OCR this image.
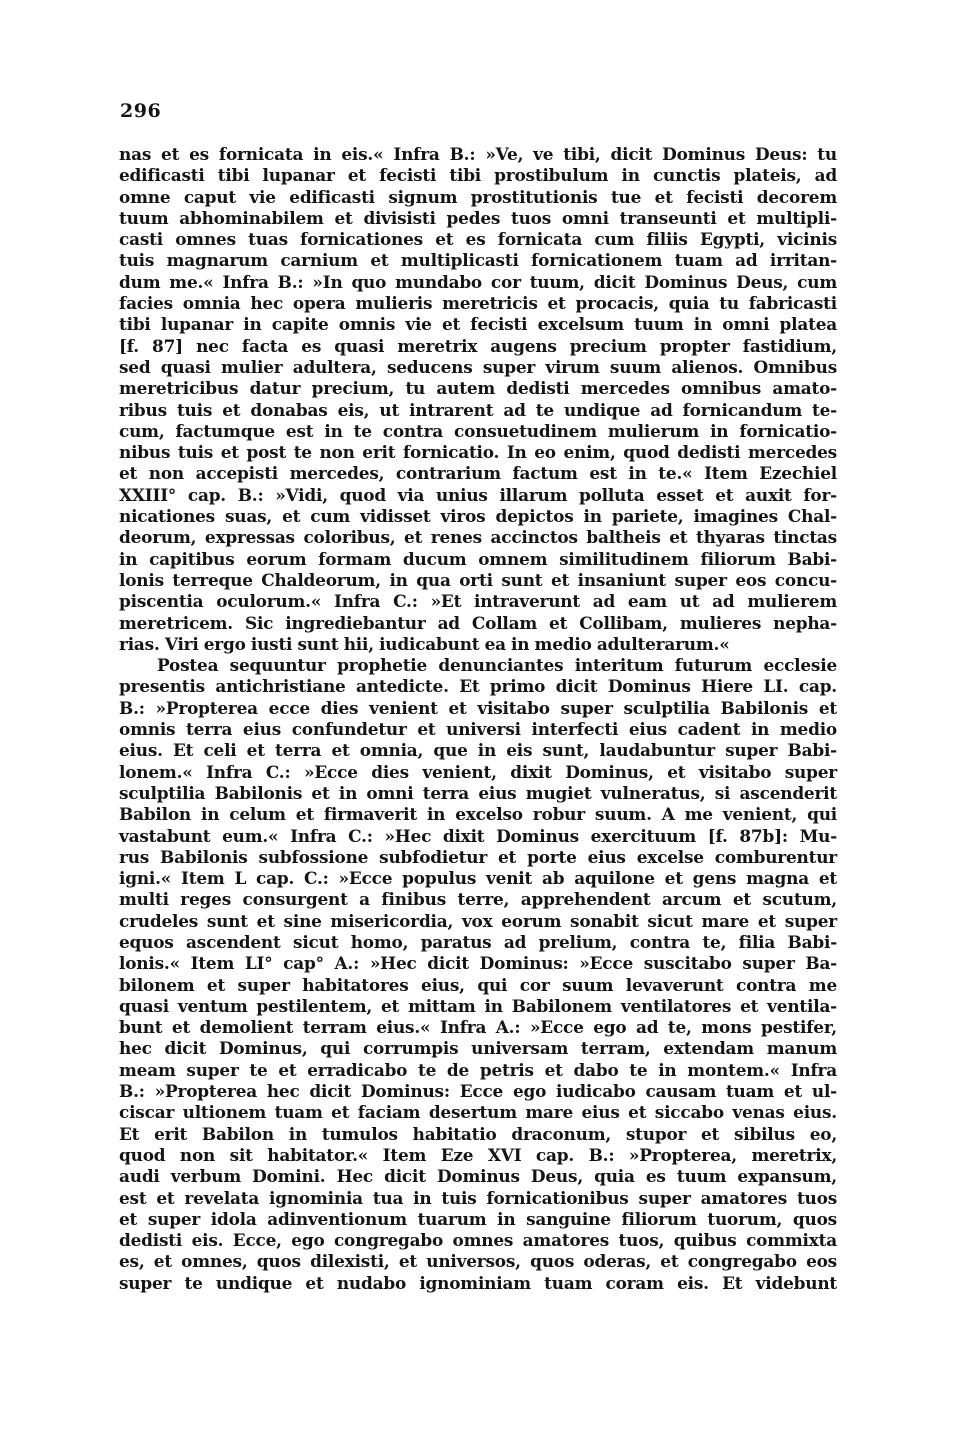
296
nas et es fornicata in eis.« Infra B.: »Ve, ve tibi, dicit Dominus Deus: tu
edificasti tibi lupanar et fecisti tibi prostibulum in cunctis plateis, ad
omne caput vie edificasti signum prostitutionis tue et fecisti decorem
tuum abhominabilem et divisisti pedes tuos omni transeunti et multipli-
casti omnes tuas fornicationes et es fornicata cum filiis Egypti, vicinis
tuis magnarum carnium et multiplicasti fornicationem tuam ad irritan-
dum me.« Infra B.: »In quo mundabo cor tuum, dicit Dominus Deus, cum
facies omnia hec opera mulieris meretricis et procacis, quia tu fabricasti
tibi lupanar in capite omnis vie et fecisti excelsum tuum in omni platea
[f. 87] nec facta es quasi meretrix augens precium propter fastidium,
sed quasi mulier adultera, seducens super virum suum alienos. Omnibus
meretricibus datur precium, tu autem dedisti mercedes omnibus amato-
ribus tuis et donabas eis, ut intrarent ad te undique ad fornicandum te-
cum, factumque est in te contra consuetudinem mulierum in fornicatio-
nibus tuis et post te non erit fornicatio. In eo enim, quod dedisti mercedes
et non accepisti mercedes, contrarium factum est in te.« Item Ezechiel
XXIII° cap. B.: »Vidi, quod via unius illarum polluta esset et auxit for-
nicationes suas, et cum vidisset viros depictos in pariete, imagines Chal-
deorum, expressas coloribus, et renes accinctos baltheis et thyaras tinctas
in capitibus eorum formam ducum omnem similitudinem filiorum Babi-
lonis terreque Chaldeorum, in qua orti sunt et insaniunt super eos concu-
piscentia oculorum.« Infra C.: »Et intraverunt ad eam ut ad mulierem
meretricem. Sic ingrediebantur ad Collam et Collibam, mulieres nepha-
rias. Viri ergo iusti sunt hii, iudicabunt ea in medio adulterarum.«
Postea sequuntur prophetie denunciantes interitum futurum ecclesie
presentis antichristiane antedicte. Et primo dicit Dominus Hiere LI. cap.
B.: »Propterea ecce dies venient et visitabo super sculptilia Babilonis et
omnis terra eius confundetur et universi interfecti eius cadent in medio
eius. Et celi et terra et omnia, que in eis sunt, laudabuntur super Babi-
lonem.« Infra C.: »Ecce dies venient, dixit Dominus, et visitabo super
sculptilia Babilonis et in omni terra eius mugiet vulneratus, si ascenderit
Babilon in celum et firmaverit in excelso robur suum. A me venient, qui
vastabunt eum.« Infra C.: »Hec dixit Dominus exercituum [f. 87b]: Mu-
rus Babilonis subfossione subfodietur et porte eius excelse comburentur
igni.« Item L cap. C.: »Ecce populus venit ab aquilone et gens magna et
multi reges consurgent a finibus terre, apprehendent arcum et scutum,
crudeles sunt et sine misericordia, vox eorum sonabit sicut mare et super
equos ascendent sicut homo, paratus ad prelium, contra te, filia Babi-
lonis.« Item LI° cap° A.: »Hec dicit Dominus: »Ecce suscitabo super Ba-
bilonem et super habitatores eius, qui cor suum levaverunt contra me
quasi ventum pestilentem, et mittam in Babilonem ventilatores et ventila-
bunt et demolient terram eius.« Infra A.: »Ecce ego ad te, mons pestifer,
hec dicit Dominus, qui corrumpis universam terram, extendam manum
meam super te et erradicabo te de petris et dabo te in montem.« Infra
B.: »Propterea hec dicit Dominus: Ecce ego iudicabo causam tuam et ul-
ciscar ultionem tuam et faciam desertum mare eius et siccabo venas eius.
Et erit Babilon in tumulos habitatio draconum, stupor et sibilus eo,
quod non sit habitator.« Item Eze XVI cap. B.: »Propterea, meretrix,
audi verbum Domini. Hec dicit Dominus Deus, quia es tuum expansum,
est et revelata ignominia tua in tuis fornicationibus super amatores tuos
et super idola adinventionum tuarum in sanguine filiorum tuorum, quos
dedisti eis. Ecce, ego congregabo omnes amatores tuos, quibus commixta
es, et omnes, quos dilexisti, et universos, quos oderas, et congregabo eos
super te undique et nudabo ignominiam tuam coram eis. Et videbunt
